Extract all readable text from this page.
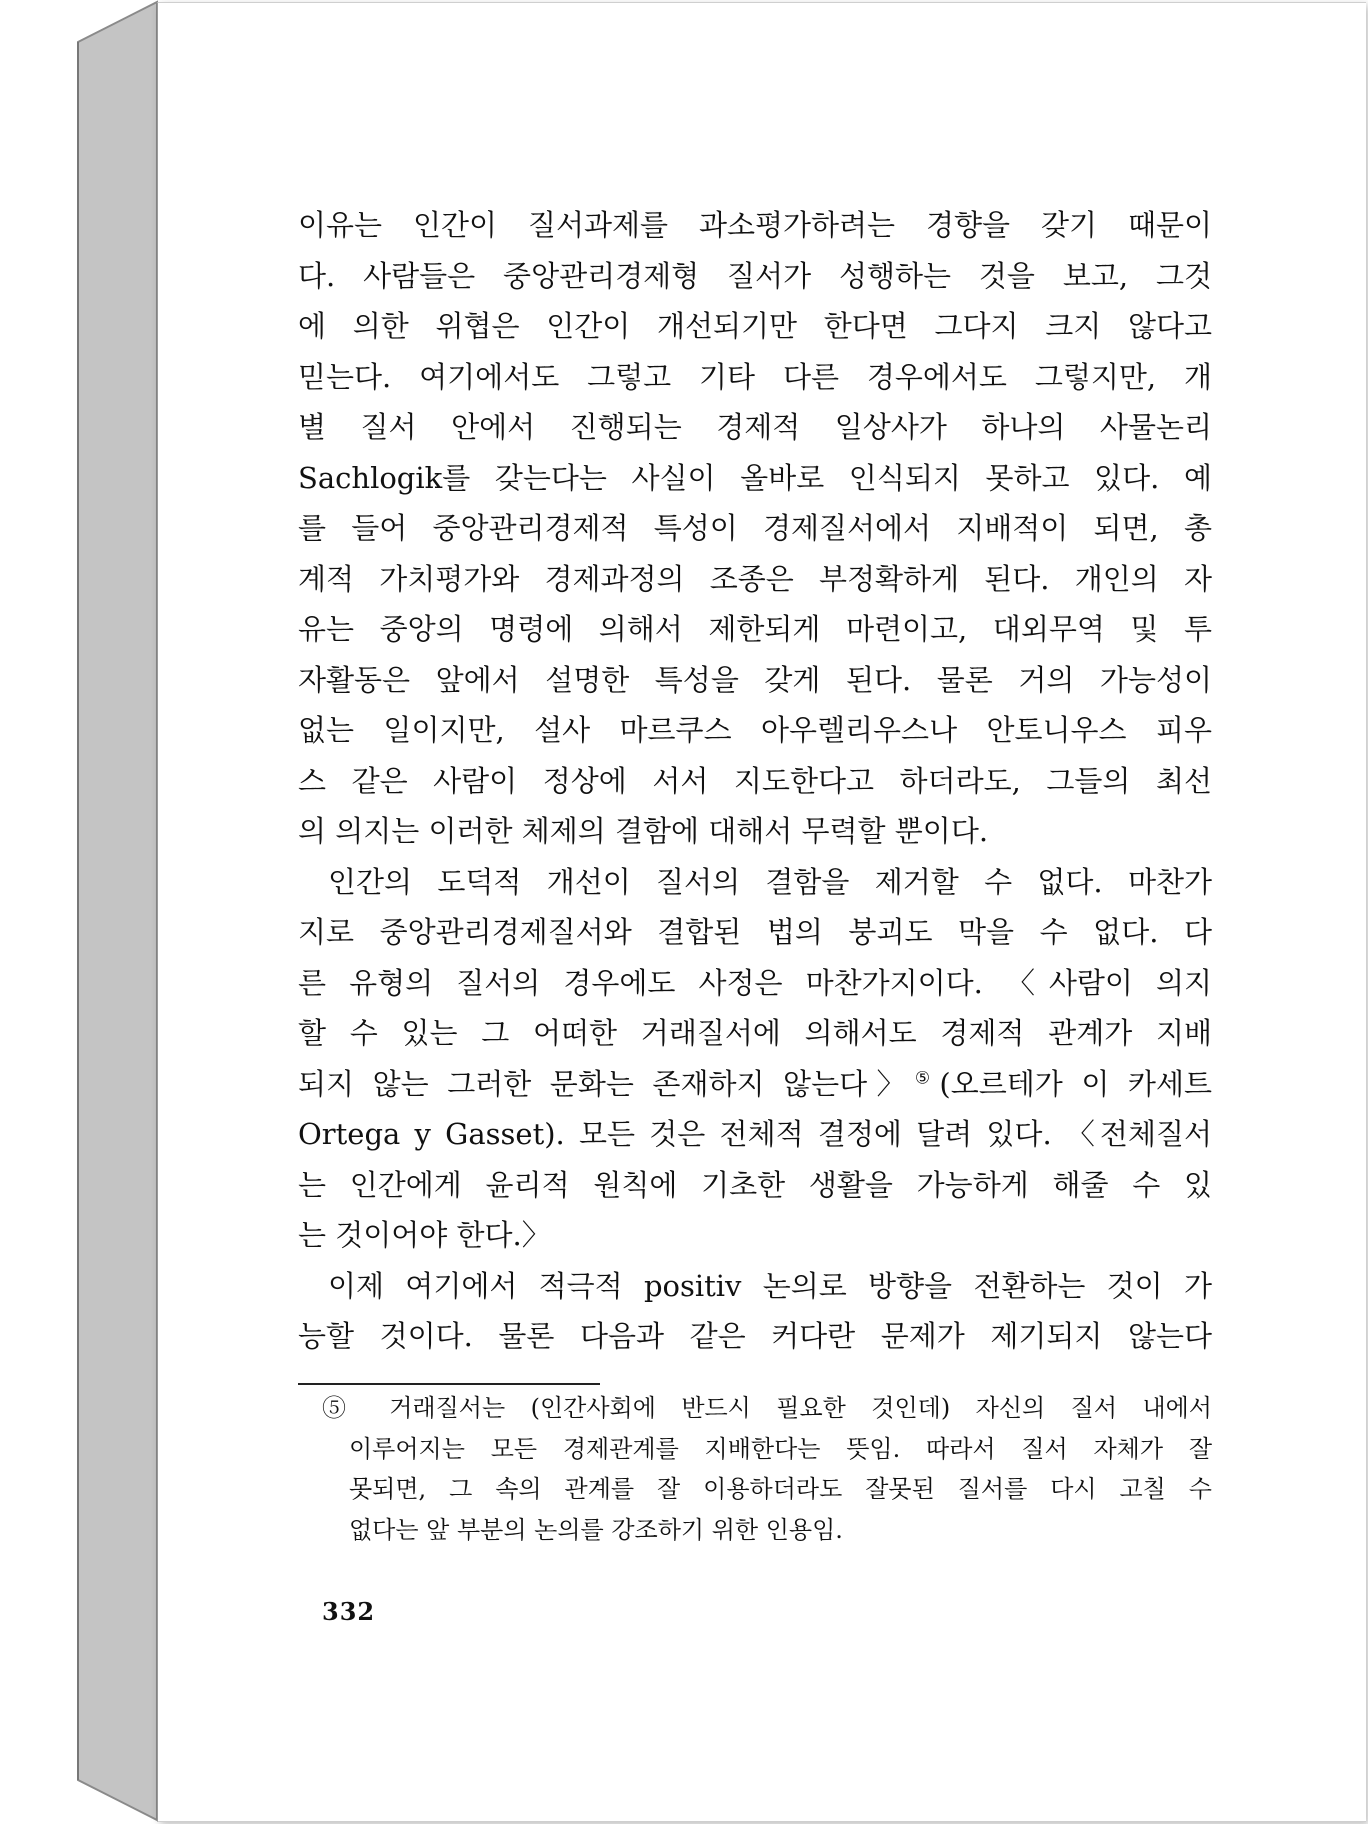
이유는 인간이 질서과제를 과소평가하려는 경향을 갖기 때문이
다. 사람들은 중앙관리경제형 질서가 성행하는 것을 보고, 그것
에 의한 위협은 인간이 개선되기만 한다면 그다지 크지 않다고
믿는다. 여기에서도 그렇고 기타 다른 경우에서도 그렇지만, 개
별 질서 안에서 진행되는 경제적 일상사가 하나의 사물논리
Sachlogik를 갖는다는 사실이 올바로 인식되지 못하고 있다. 예
를 들어 중앙관리경제적 특성이 경제질서에서 지배적이 되면, 총
계적 가치평가와 경제과정의 조종은 부정확하게 된다. 개인의 자
유는 중앙의 명령에 의해서 제한되게 마련이고, 대외무역 및 투
자활동은 앞에서 설명한 특성을 갖게 된다. 물론 거의 가능성이
없는 일이지만, 설사 마르쿠스 아우렐리우스나 안토니우스 피우
스 같은 사람이 정상에 서서 지도한다고 하더라도, 그들의 최선
의 의지는 이러한 체제의 결함에 대해서 무력할 뿐이다.
인간의 도덕적 개선이 질서의 결함을 제거할 수 없다. 마찬가
지로 중앙관리경제질서와 결합된 법의 붕괴도 막을 수 없다. 다
른 유형의 질서의 경우에도 사정은 마찬가지이다. 〈사람이 의지
할 수 있는 그 어떠한 거래질서에 의해서도 경제적 관계가 지배
되지 않는 그러한 문화는 존재하지 않는다〉⑤(오르테가 이 카세트
Ortega y Gasset). 모든 것은 전체적 결정에 달려 있다. 〈전체질서
는 인간에게 윤리적 원칙에 기초한 생활을 가능하게 해줄 수 있
는 것이어야 한다.〉
이제 여기에서 적극적 positiv 논의로 방향을 전환하는 것이 가
능할 것이다. 물론 다음과 같은 커다란 문제가 제기되지 않는다
⑤ 거래질서는 (인간사회에 반드시 필요한 것인데) 자신의 질서 내에서
이루어지는 모든 경제관계를 지배한다는 뜻임. 따라서 질서 자체가 잘
못되면, 그 속의 관계를 잘 이용하더라도 잘못된 질서를 다시 고칠 수
없다는 앞 부분의 논의를 강조하기 위한 인용임.
332
